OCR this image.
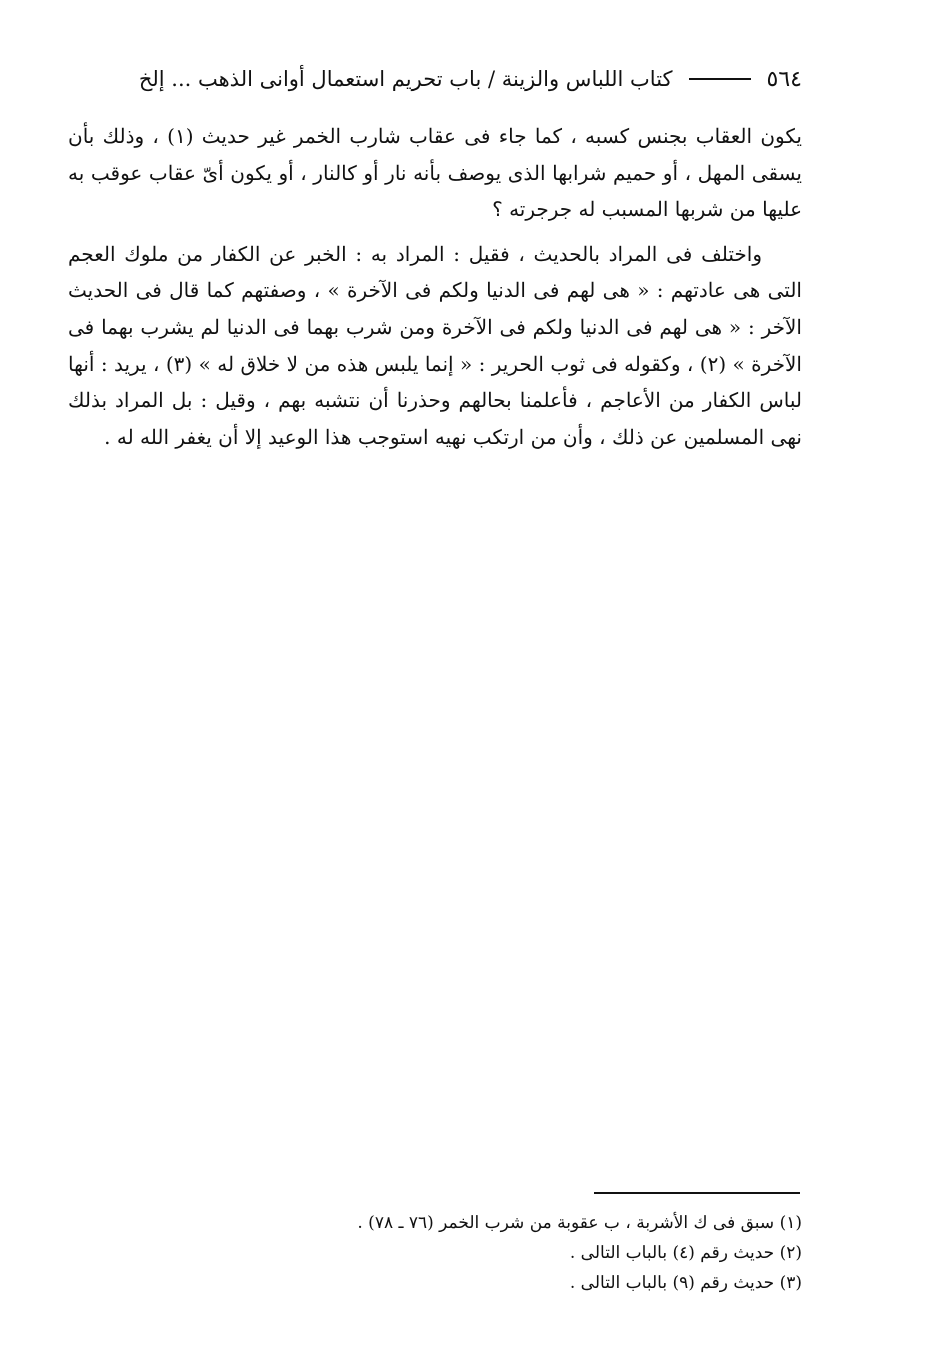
٥٦٤
كتاب اللباس والزينة / باب تحريم استعمال أوانى الذهب ... إلخ

يكون العقاب بجنس كسبه ، كما جاء فى عقاب شارب الخمر غير حديث (١) ، وذلك بأن يسقى المهل ، أو حميم شرابها الذى يوصف بأنه نار أو كالنار ، أو يكون أىّ عقاب عوقب به عليها من شربها المسبب له جرجرته ؟

واختلف فى المراد بالحديث ، فقيل : المراد به : الخبر عن الكفار من ملوك العجم التى هى عادتهم : « هى لهم فى الدنيا ولكم فى الآخرة » ، وصفتهم كما قال فى الحديث الآخر : « هى لهم فى الدنيا ولكم فى الآخرة ومن شرب بهما فى الدنيا لم يشرب بهما فى الآخرة » (٢) ، وكقوله فى ثوب الحرير : « إنما يلبس هذه من لا خلاق له » (٣) ، يريد : أنها لباس الكفار من الأعاجم ، فأعلمنا بحالهم وحذرنا أن نتشبه بهم ، وقيل : بل المراد بذلك نهى المسلمين عن ذلك ، وأن من ارتكب نهيه استوجب هذا الوعيد إلا أن يغفر الله له .

(١) سبق فى ك الأشربة ، ب عقوبة من شرب الخمر (٧٦ ـ ٧٨) .
(٢) حديث رقم (٤) بالباب التالى .
(٣) حديث رقم (٩) بالباب التالى .
